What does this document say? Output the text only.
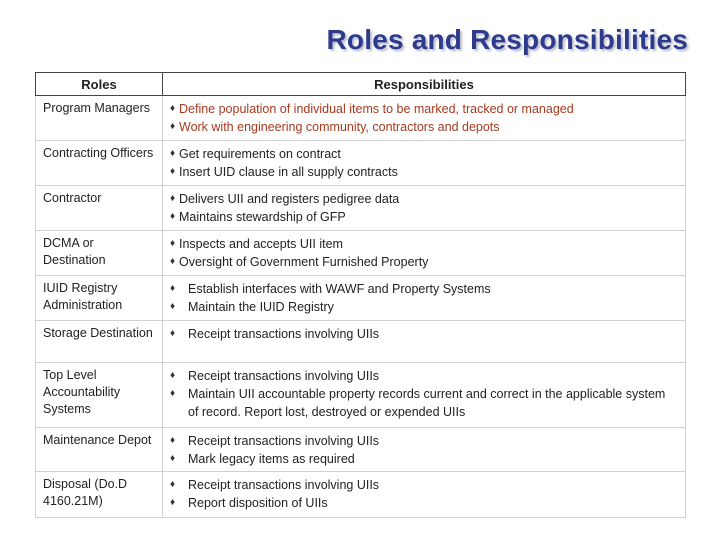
Roles and Responsibilities
Roles	Responsibilities
Program Managers	♦ Define population of individual items to be marked, tracked or managed
♦ Work with engineering community, contractors and depots

Contracting Officers	♦ Get requirements on contract
♦ Insert UID clause in all supply contracts

Contractor	♦ Delivers UII and registers pedigree data
♦ Maintains stewardship of GFP

DCMA or Destination	♦ Inspects and accepts UII item
♦ Oversight of Government Furnished Property

IUID Registry Administration	♦ Establish interfaces with WAWF and Property Systems
♦ Maintain the IUID Registry

Storage Destination	♦ Receipt transactions involving UIIs

Top Level Accountability Systems	♦ Receipt transactions involving UIIs
♦ Maintain UII accountable property records current and correct in the applicable system of record. Report lost, destroyed or expended UIIs

Maintenance Depot	♦ Receipt transactions involving UIIs
♦ Mark legacy items as required

Disposal (Do.D 4160.21M)	♦ Receipt transactions involving UIIs
♦ Report disposition of UIIs
